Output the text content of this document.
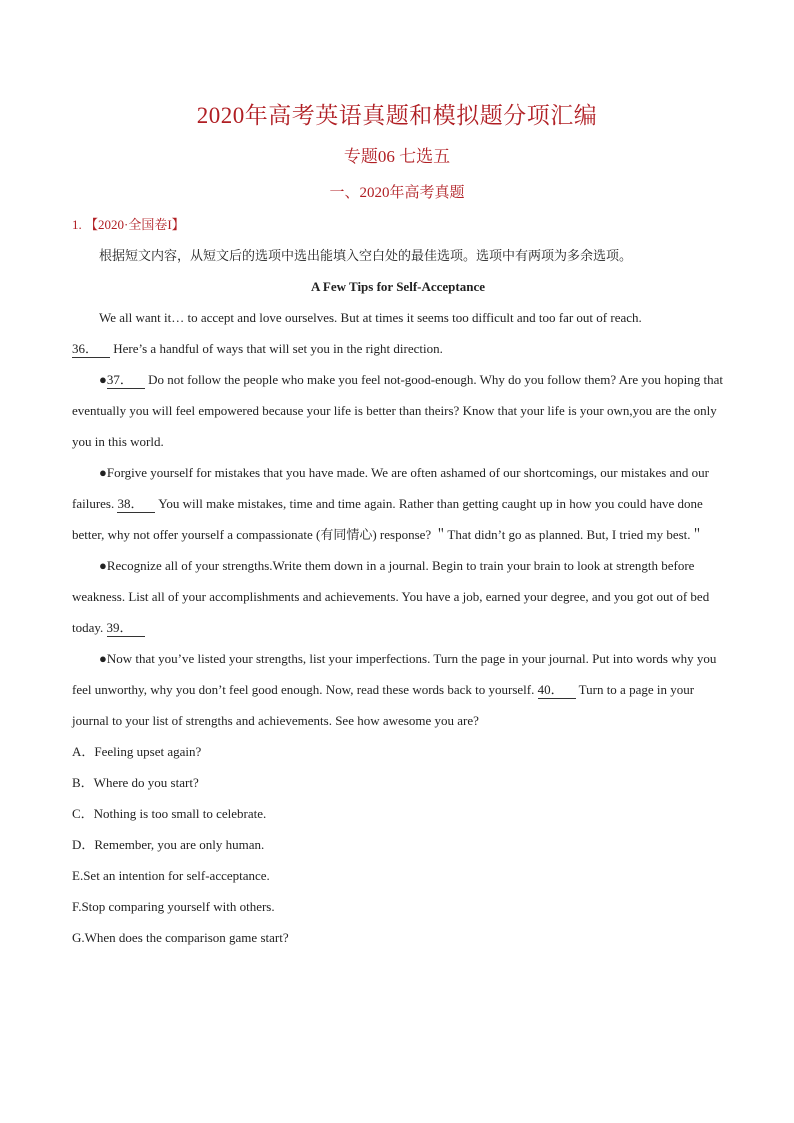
2020年高考英语真题和模拟题分项汇编
专题06 七选五
一、2020年高考真题
1. 【2020·全国卷I】

根据短文内容，从短文后的选项中选出能填入空白处的最佳选项。选项中有两项为多余选项。

A Few Tips for Self-Acceptance

We all want it… to accept and love ourselves. But at times it seems too difficult and too far out of reach.
36． Here’s a handful of ways that will set you in the right direction.

●37． Do not follow the people who make you feel not-good-enough. Why do you follow them? Are you hoping that eventually you will feel empowered because your life is better than theirs? Know that your life is your own,you are the only you in this world.

●Forgive yourself for mistakes that you have made. We are often ashamed of our shortcomings, our mistakes and our failures. 38． You will make mistakes, time and time again. Rather than getting caught up in how you could have done better, why not offer yourself a compassionate (有同情心) response? ＂That didn’t go as planned. But, I tried my best.＂

●Recognize all of your strengths.Write them down in a journal. Begin to train your brain to look at strength before weakness. List all of your accomplishments and achievements. You have a job, earned your degree, and you got out of bed today. 39．

●Now that you’ve listed your strengths, list your imperfections. Turn the page in your journal. Put into words why you feel unworthy, why you don’t feel good enough. Now, read these words back to yourself. 40． Turn to a page in your journal to your list of strengths and achievements. See how awesome you are?

A．Feeling upset again?

B．Where do you start?

C．Nothing is too small to celebrate.

D．Remember, you are only human.

E.Set an intention for self-acceptance.

F.Stop comparing yourself with others.

G.When does the comparison game start?
